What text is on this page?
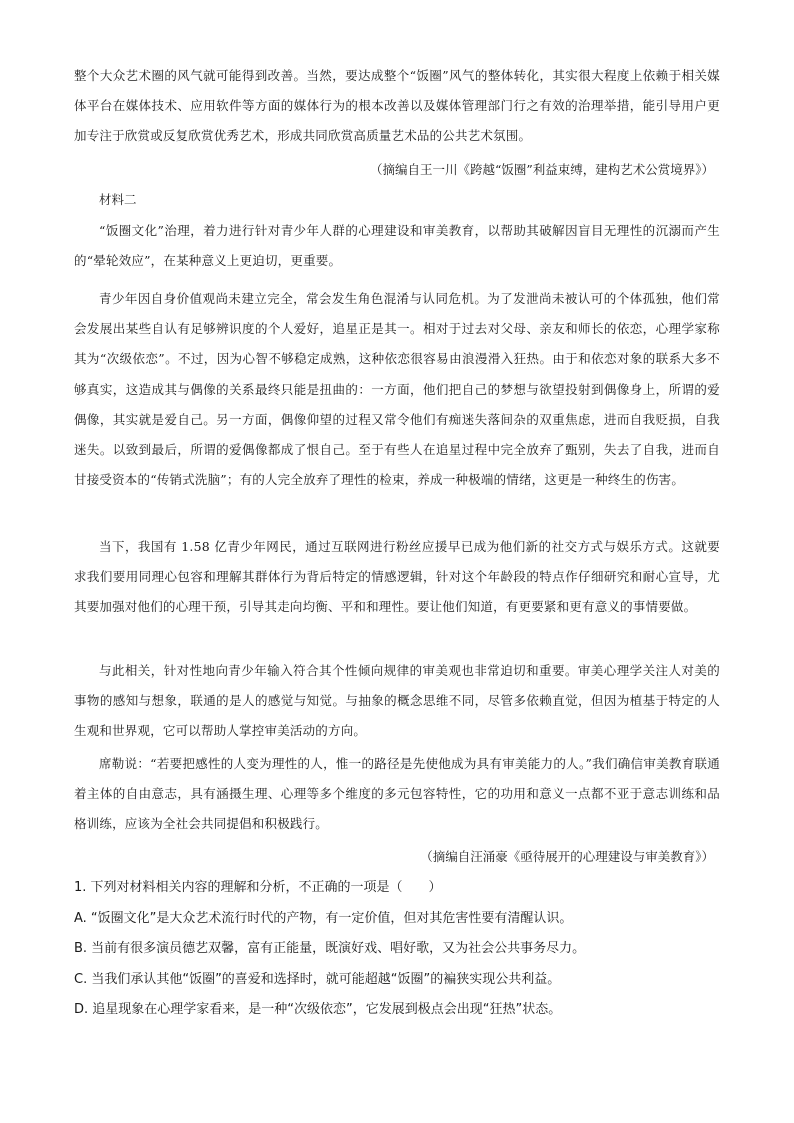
整个大众艺术圈的风气就可能得到改善。当然，要达成整个“饭圈”风气的整体转化，其实很大程度上依赖于相关媒体平台在媒体技术、应用软件等方面的媒体行为的根本改善以及媒体管理部门行之有效的治理举措，能引导用户更加专注于欣赏或反复欣赏优秀艺术，形成共同欣赏高质量艺术品的公共艺术氛围。

（摘编自王一川《跨越“饭圈”利益束缚，建构艺术公赏境界》）
材料二

“饭圈文化”治理，着力进行针对青少年人群的心理建设和审美教育，以帮助其破解因盲目无理性的沉溺而产生的“晕轮效应”，在某种意义上更迫切，更重要。

青少年因自身价值观尚未建立完全，常会发生角色混淆与认同危机。为了发泄尚未被认可的个体孤独，他们常会发展出某些自认有足够辨识度的个人爱好，追星正是其一。相对于过去对父母、亲友和师长的依恋，心理学家称其为“次级依恋”。不过，因为心智不够稳定成熟，这种依恋很容易由浪漫滑入狂热。由于和依恋对象的联系大多不够真实，这造成其与偶像的关系最终只能是扭曲的：一方面，他们把自己的梦想与欲望投射到偶像身上，所谓的爱偶像，其实就是爱自己。另一方面，偶像仰望的过程又常令他们有痴迷失落间杂的双重焦虑，进而自我贬损，自我迷失。以致到最后，所谓的爱偶像都成了恨自己。至于有些人在追星过程中完全放弃了甄别，失去了自我，进而自甘接受资本的“传销式洗脑”；有的人完全放弃了理性的检束，养成一种极端的情绪，这更是一种终生的伤害。

当下，我国有 1.58 亿青少年网民，通过互联网进行粉丝应援早已成为他们新的社交方式与娱乐方式。这就要求我们要用同理心包容和理解其群体行为背后特定的情感逻辑，针对这个年龄段的特点作仔细研究和耐心宣导，尤其要加强对他们的心理干预，引导其走向均衡、平和和理性。要让他们知道，有更要紧和更有意义的事情要做。

与此相关，针对性地向青少年输入符合其个性倾向规律的审美观也非常迫切和重要。审美心理学关注人对美的事物的感知与想象，联通的是人的感觉与知觉。与抽象的概念思维不同，尽管多依赖直觉，但因为植基于特定的人生观和世界观，它可以帮助人掌控审美活动的方向。

席勒说：“若要把感性的人变为理性的人，惟一的路径是先使他成为具有审美能力的人。”我们确信审美教育联通着主体的自由意志，具有涵摄生理、心理等多个维度的多元包容特性，它的功用和意义一点都不亚于意志训练和品格训练，应该为全社会共同提倡和积极践行。

（摘编自汪涌豪《亟待展开的心理建设与审美教育》）
1. 下列对材料相关内容的理解和分析，不正确的一项是（　　）
A. “饭圈文化”是大众艺术流行时代的产物，有一定价值，但对其危害性要有清醒认识。
B. 当前有很多演员德艺双馨，富有正能量，既演好戏、唱好歌，又为社会公共事务尽力。
C. 当我们承认其他“饭圈”的喜爱和选择时，就可能超越“饭圈”的褊狭实现公共利益。
D. 追星现象在心理学家看来，是一种“次级依恋”，它发展到极点会出现“狂热”状态。
